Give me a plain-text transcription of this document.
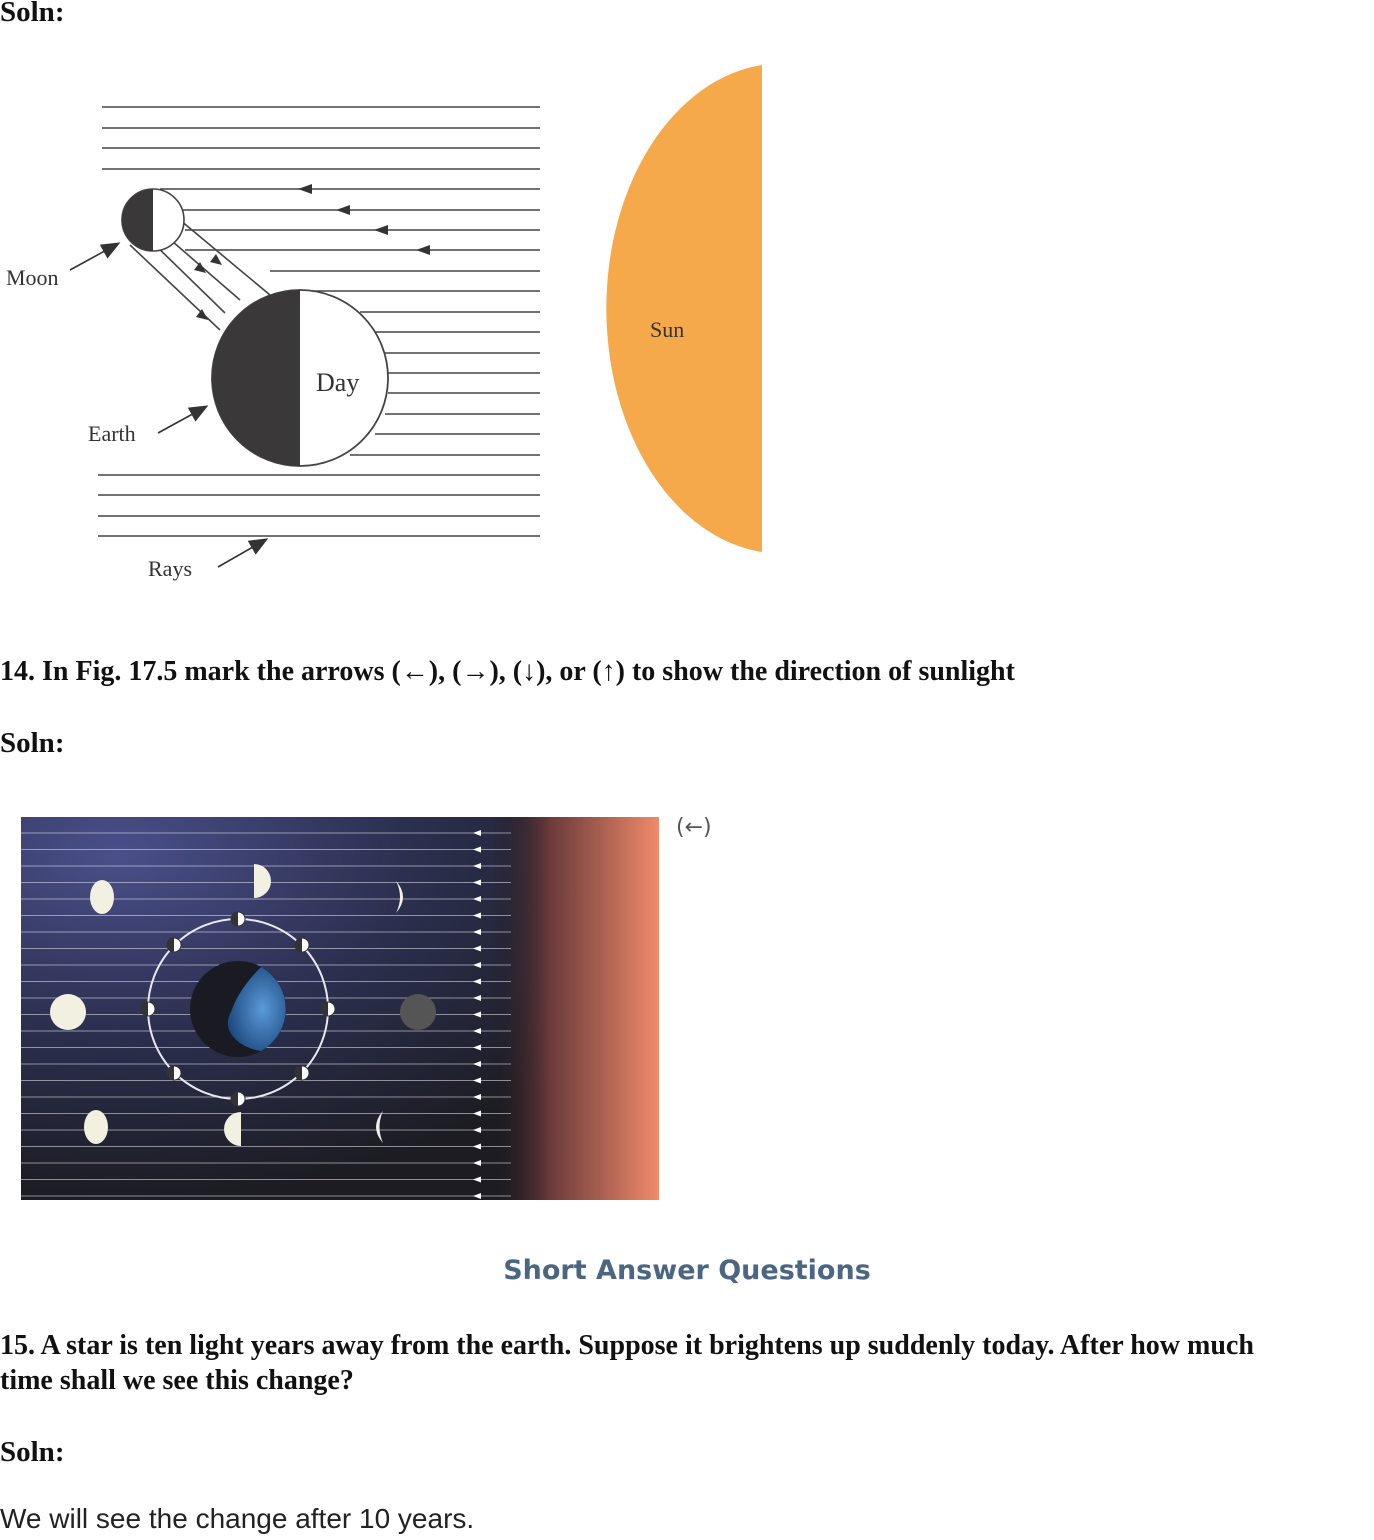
Soln:
Sun
Day
Moon
Earth
Rays
14. In Fig. 17.5 mark the arrows (←), (→), (↓), or (↑) to show the direction of sunlight
Soln:
(←)
Short Answer Questions
15. A star is ten light years away from the earth. Suppose it brightens up suddenly today. After how much
time shall we see this change?
Soln:
We will see the change after 10 years.
